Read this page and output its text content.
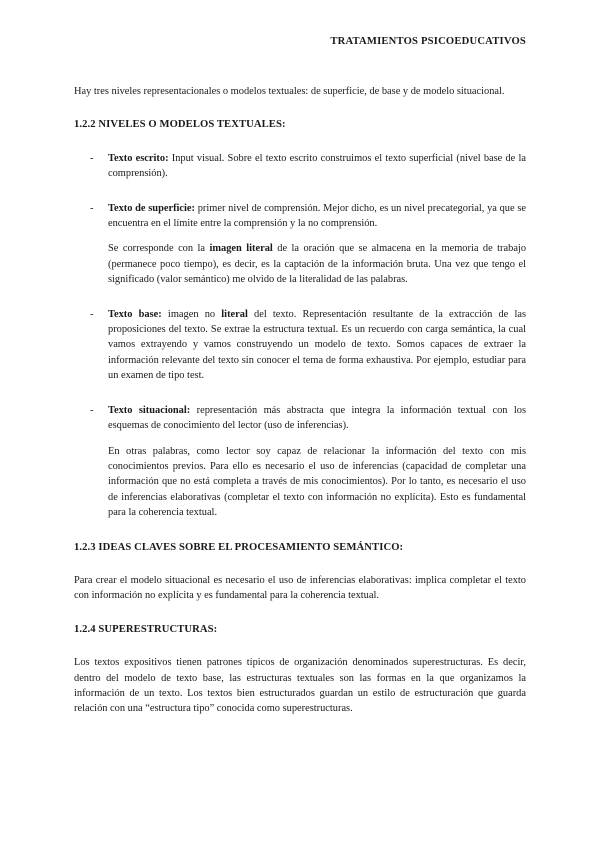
TRATAMIENTOS PSICOEDUCATIVOS

Hay tres niveles representacionales o modelos textuales: de superficie, de base y de modelo situacional.

1.2.2 NIVELES O MODELOS TEXTUALES:
- Texto escrito: Input visual. Sobre el texto escrito construimos el texto superficial (nivel base de la comprensión).

- Texto de superficie: primer nivel de comprensión. Mejor dicho, es un nivel precategorial, ya que se encuentra en el límite entre la comprensión y la no comprensión.

Se corresponde con la imagen literal de la oración que se almacena en la memoria de trabajo (permanece poco tiempo), es decir, es la captación de la información bruta. Una vez que tengo el significado (valor semántico) me olvido de la literalidad de las palabras.

- Texto base: imagen no literal del texto. Representación resultante de la extracción de las proposiciones del texto. Se extrae la estructura textual. Es un recuerdo con carga semántica, la cual vamos extrayendo y vamos construyendo un modelo de texto. Somos capaces de extraer la información relevante del texto sin conocer el tema de forma exhaustiva. Por ejemplo, estudiar para un examen de tipo test.

- Texto situacional: representación más abstracta que integra la información textual con los esquemas de conocimiento del lector (uso de inferencias).

En otras palabras, como lector soy capaz de relacionar la información del texto con mis conocimientos previos. Para ello es necesario el uso de inferencias (capacidad de completar una información que no está completa a través de mis conocimientos). Por lo tanto, es necesario el uso de inferencias elaborativas (completar el texto con información no explícita). Esto es fundamental para la coherencia textual.

1.2.3 IDEAS CLAVES SOBRE EL PROCESAMIENTO SEMÁNTICO:

Para crear el modelo situacional es necesario el uso de inferencias elaborativas: implica completar el texto con información no explícita y es fundamental para la coherencia textual.

1.2.4 SUPERESTRUCTURAS:

Los textos expositivos tienen patrones típicos de organización denominados superestructuras. Es decir, dentro del modelo de texto base, las estructuras textuales son las formas en la que organizamos la información de un texto. Los textos bien estructurados guardan un estilo de estructuración que guarda relación con una “estructura tipo” conocida como superestructuras.
